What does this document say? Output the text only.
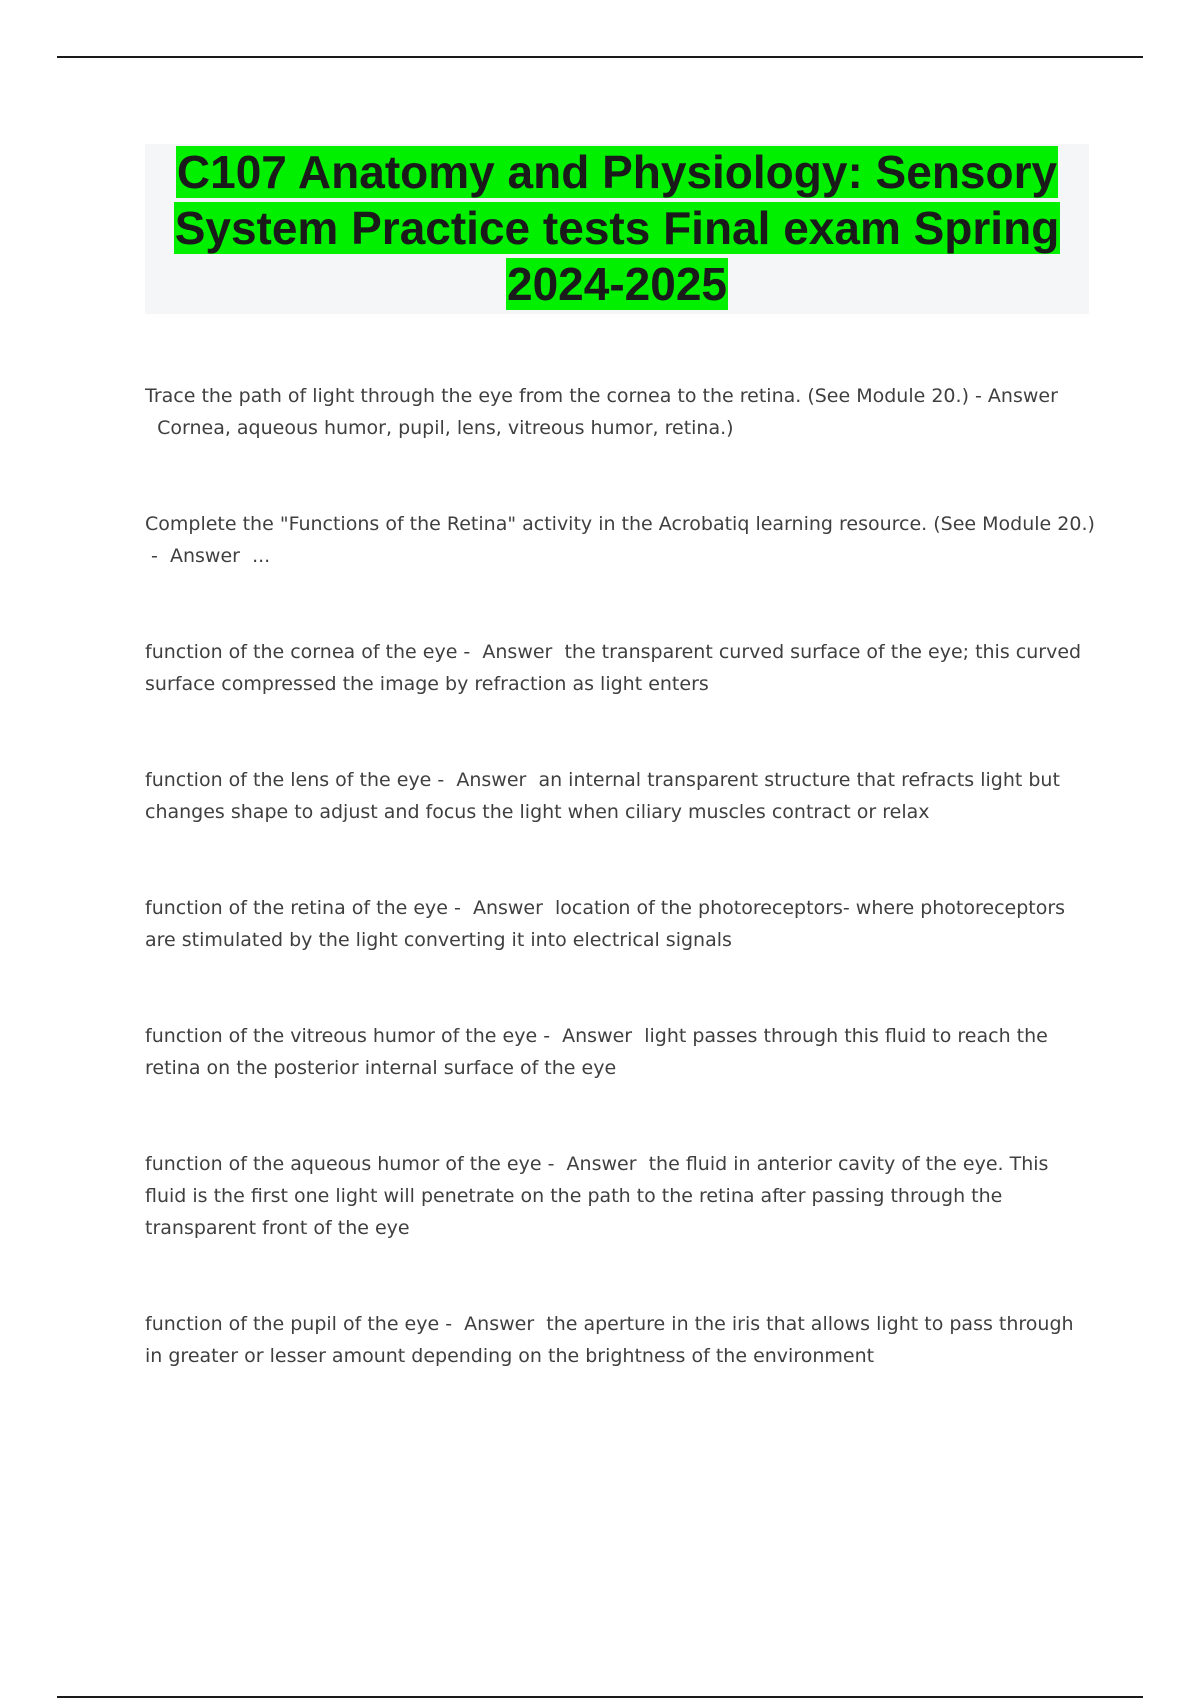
C107 Anatomy and Physiology: Sensory System Practice tests Final exam Spring 2024-2025

Trace the path of light through the eye from the cornea to the retina. (See Module 20.) - Answer  Cornea, aqueous humor, pupil, lens, vitreous humor, retina.)

Complete the "Functions of the Retina" activity in the Acrobatiq learning resource. (See Module 20.) -  Answer ...

function of the cornea of the eye -  Answer the transparent curved surface of the eye; this curved surface compressed the image by refraction as light enters

function of the lens of the eye -  Answer an internal transparent structure that refracts light but changes shape to adjust and focus the light when ciliary muscles contract or relax

function of the retina of the eye -  Answer location of the photoreceptors- where photoreceptors are stimulated by the light converting it into electrical signals

function of the vitreous humor of the eye -  Answer light passes through this fluid to reach the retina on the posterior internal surface of the eye

function of the aqueous humor of the eye -  Answer the fluid in anterior cavity of the eye. This fluid is the first one light will penetrate on the path to the retina after passing through the transparent front of the eye

function of the pupil of the eye -  Answer the aperture in the iris that allows light to pass through in greater or lesser amount depending on the brightness of the environment
